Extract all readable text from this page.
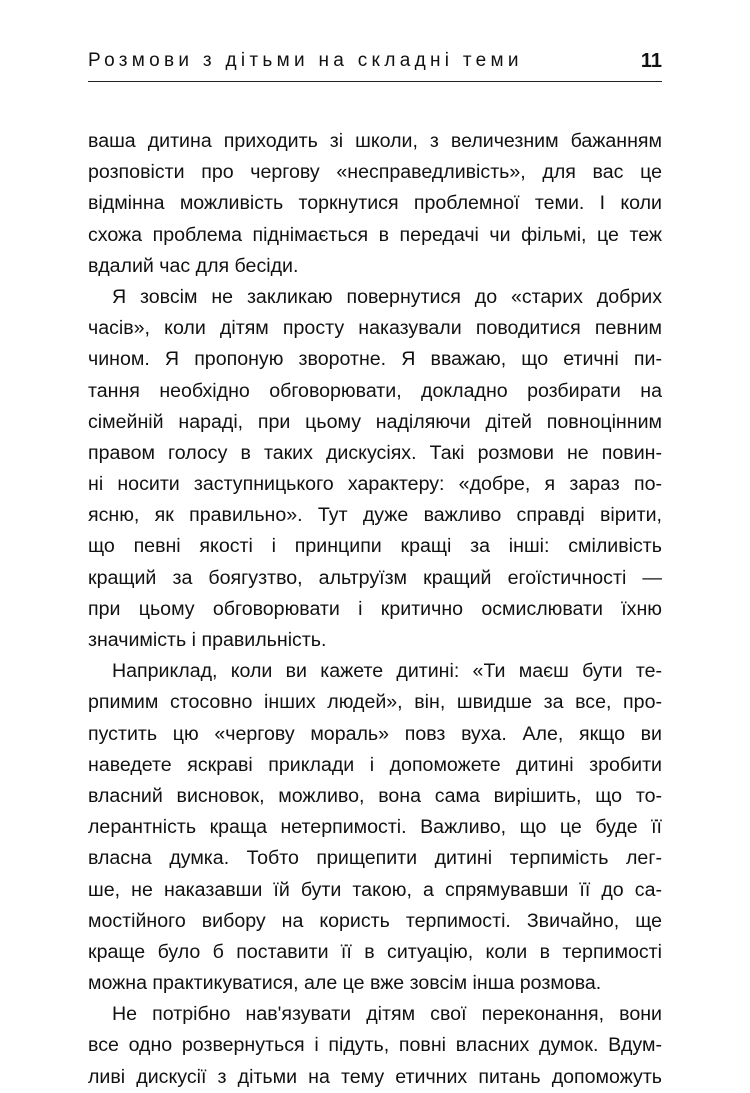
Розмови з дітьми на складні теми	11
ваша дитина приходить зі школи, з величезним бажанням
розповісти про чергову «несправедливість», для вас це
відмінна можливість торкнутися проблемної теми. І коли
схожа проблема піднімається в передачі чи фільмі, це теж
вдалий час для бесіди.
Я зовсім не закликаю повернутися до «старих добрих
часів», коли дітям просту наказували поводитися певним
чином. Я пропоную зворотне. Я вважаю, що етичні пи-
тання необхідно обговорювати, докладно розбирати на
сімейній нараді, при цьому наділяючи дітей повноцінним
правом голосу в таких дискусіях. Такі розмови не повин-
ні носити заступницького характеру: «добре, я зараз по-
ясню, як правильно». Тут дуже важливо справді вірити,
що певні якості і принципи кращі за інші: сміливість
кращий за боягузтво, альтруїзм кращий егоїстичності —
при цьому обговорювати і критично осмислювати їхню
значимість і правильність.
Наприклад, коли ви кажете дитині: «Ти маєш бути те-
рпимим стосовно інших людей», він, швидше за все, про-
пустить цю «чергову мораль» повз вуха. Але, якщо ви
наведете яскраві приклади і допоможете дитині зробити
власний висновок, можливо, вона сама вирішить, що то-
лерантність краща нетерпимості. Важливо, що це буде її
власна думка. Тобто прищепити дитині терпимість лег-
ше, не наказавши їй бути такою, а спрямувавши її до са-
мостійного вибору на користь терпимості. Звичайно, ще
краще було б поставити її в ситуацію, коли в терпимості
можна практикуватися, але це вже зовсім інша розмова.
Не потрібно нав'язувати дітям свої переконання, вони
все одно розвернуться і підуть, повні власних думок. Вдум-
ливі дискусії з дітьми на тему етичних питань допоможуть
